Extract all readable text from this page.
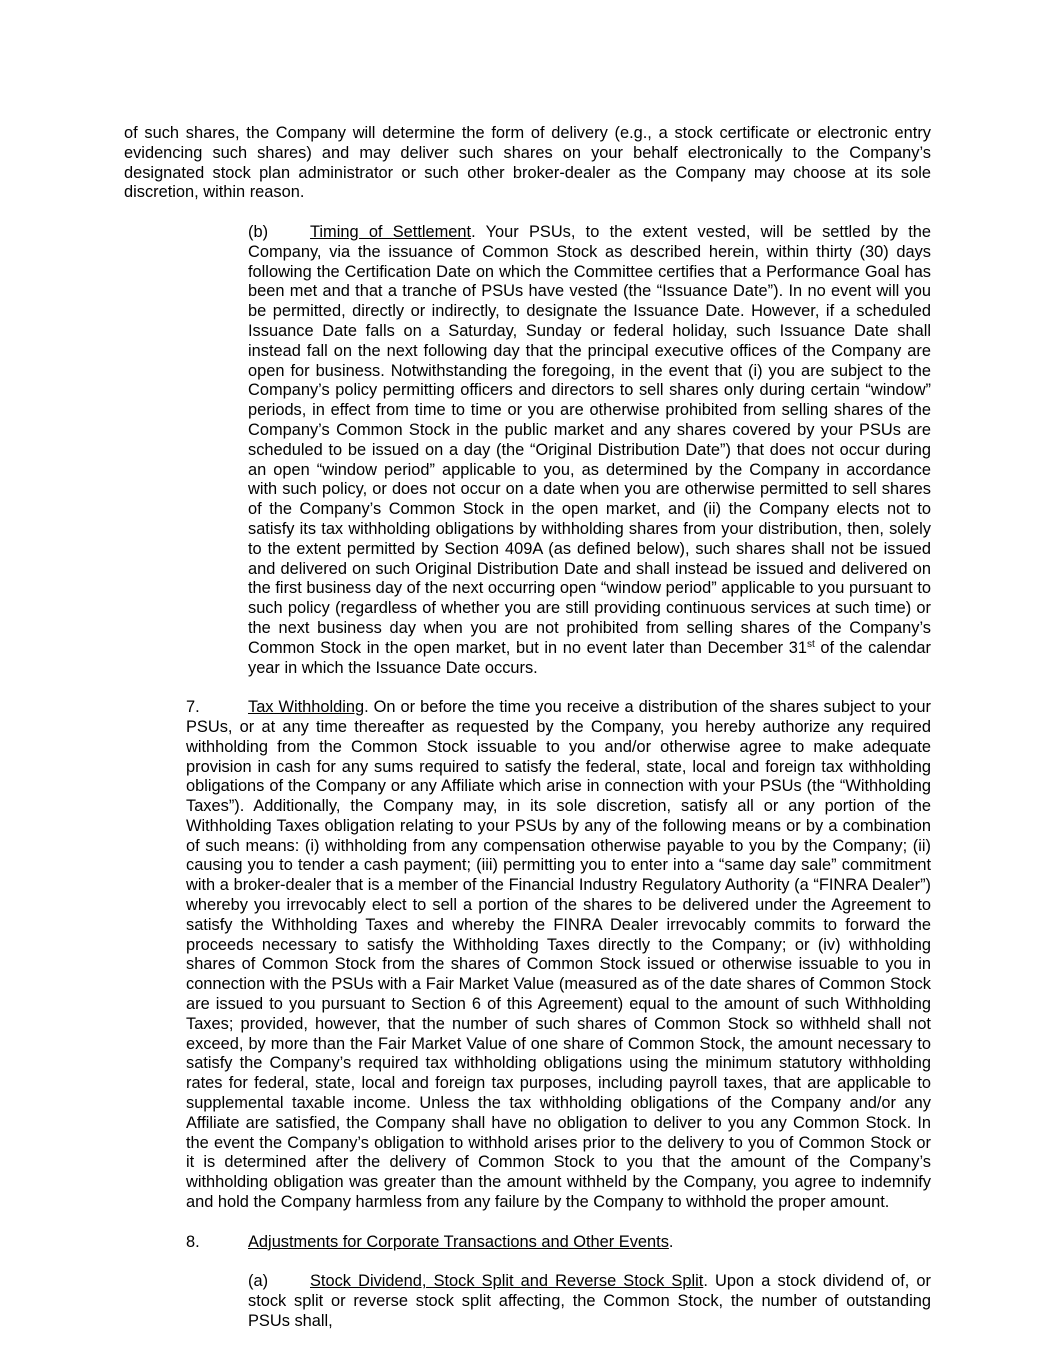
of such shares, the Company will determine the form of delivery (e.g., a stock certificate or electronic entry evidencing such shares) and may deliver such shares on your behalf electronically to the Company’s designated stock plan administrator or such other broker-dealer as the Company may choose at its sole discretion, within reason.

(b)	Timing of Settlement. Your PSUs, to the extent vested, will be settled by the Company, via the issuance of Common Stock as described herein, within thirty (30) days following the Certification Date on which the Committee certifies that a Performance Goal has been met and that a tranche of PSUs have vested (the “Issuance Date”). In no event will you be permitted, directly or indirectly, to designate the Issuance Date. However, if a scheduled Issuance Date falls on a Saturday, Sunday or federal holiday, such Issuance Date shall instead fall on the next following day that the principal executive offices of the Company are open for business. Notwithstanding the foregoing, in the event that (i) you are subject to the Company’s policy permitting officers and directors to sell shares only during certain “window” periods, in effect from time to time or you are otherwise prohibited from selling shares of the Company’s Common Stock in the public market and any shares covered by your PSUs are scheduled to be issued on a day (the “Original Distribution Date”) that does not occur during an open “window period” applicable to you, as determined by the Company in accordance with such policy, or does not occur on a date when you are otherwise permitted to sell shares of the Company’s Common Stock in the open market, and (ii) the Company elects not to satisfy its tax withholding obligations by withholding shares from your distribution, then, solely to the extent permitted by Section 409A (as defined below), such shares shall not be issued and delivered on such Original Distribution Date and shall instead be issued and delivered on the first business day of the next occurring open “window period” applicable to you pursuant to such policy (regardless of whether you are still providing continuous services at such time) or the next business day when you are not prohibited from selling shares of the Company’s Common Stock in the open market, but in no event later than December 31st of the calendar year in which the Issuance Date occurs.

7.	Tax Withholding. On or before the time you receive a distribution of the shares subject to your PSUs, or at any time thereafter as requested by the Company, you hereby authorize any required withholding from the Common Stock issuable to you and/or otherwise agree to make adequate provision in cash for any sums required to satisfy the federal, state, local and foreign tax withholding obligations of the Company or any Affiliate which arise in connection with your PSUs (the “Withholding Taxes”). Additionally, the Company may, in its sole discretion, satisfy all or any portion of the Withholding Taxes obligation relating to your PSUs by any of the following means or by a combination of such means: (i) withholding from any compensation otherwise payable to you by the Company; (ii) causing you to tender a cash payment; (iii) permitting you to enter into a “same day sale” commitment with a broker-dealer that is a member of the Financial Industry Regulatory Authority (a “FINRA Dealer”) whereby you irrevocably elect to sell a portion of the shares to be delivered under the Agreement to satisfy the Withholding Taxes and whereby the FINRA Dealer irrevocably commits to forward the proceeds necessary to satisfy the Withholding Taxes directly to the Company; or (iv) withholding shares of Common Stock from the shares of Common Stock issued or otherwise issuable to you in connection with the PSUs with a Fair Market Value (measured as of the date shares of Common Stock are issued to you pursuant to Section 6 of this Agreement) equal to the amount of such Withholding Taxes; provided, however, that the number of such shares of Common Stock so withheld shall not exceed, by more than the Fair Market Value of one share of Common Stock, the amount necessary to satisfy the Company’s required tax withholding obligations using the minimum statutory withholding rates for federal, state, local and foreign tax purposes, including payroll taxes, that are applicable to supplemental taxable income. Unless the tax withholding obligations of the Company and/or any Affiliate are satisfied, the Company shall have no obligation to deliver to you any Common Stock. In the event the Company’s obligation to withhold arises prior to the delivery to you of Common Stock or it is determined after the delivery of Common Stock to you that the amount of the Company’s withholding obligation was greater than the amount withheld by the Company, you agree to indemnify and hold the Company harmless from any failure by the Company to withhold the proper amount.

8.	Adjustments for Corporate Transactions and Other Events.

(a)	Stock Dividend, Stock Split and Reverse Stock Split. Upon a stock dividend of, or stock split or reverse stock split affecting, the Common Stock, the number of outstanding PSUs shall,
